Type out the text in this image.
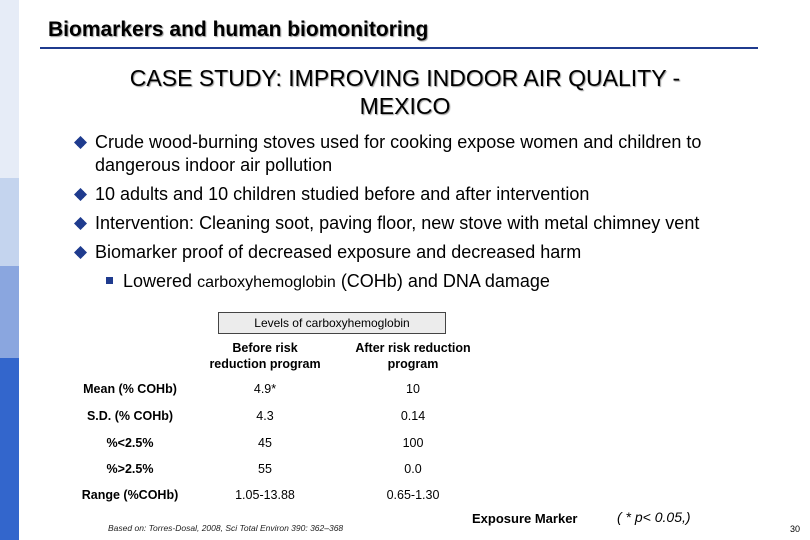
Biomarkers and human biomonitoring
CASE STUDY: IMPROVING INDOOR AIR QUALITY -
MEXICO
Crude wood-burning stoves used for cooking expose women and children to
dangerous indoor air pollution
10 adults and 10 children studied before and after intervention
Intervention: Cleaning soot, paving floor, new stove with metal chimney vent
Biomarker proof of decreased exposure and decreased harm
Lowered carboxyhemoglobin (COHb) and DNA damage
Levels of carboxyhemoglobin
Before risk
reduction program
After risk reduction
program
Mean (% COHb)	4.9*	10
S.D. (% COHb)	4.3	0.14
%<2.5%	45	100
%>2.5%	55	0.0
Range (%COHb)	1.05-13.88	0.65-1.30
Based on: Torres-Dosal, 2008, Sci Total Environ 390: 362–368
Exposure Marker	( * p< 0.05,)
30
